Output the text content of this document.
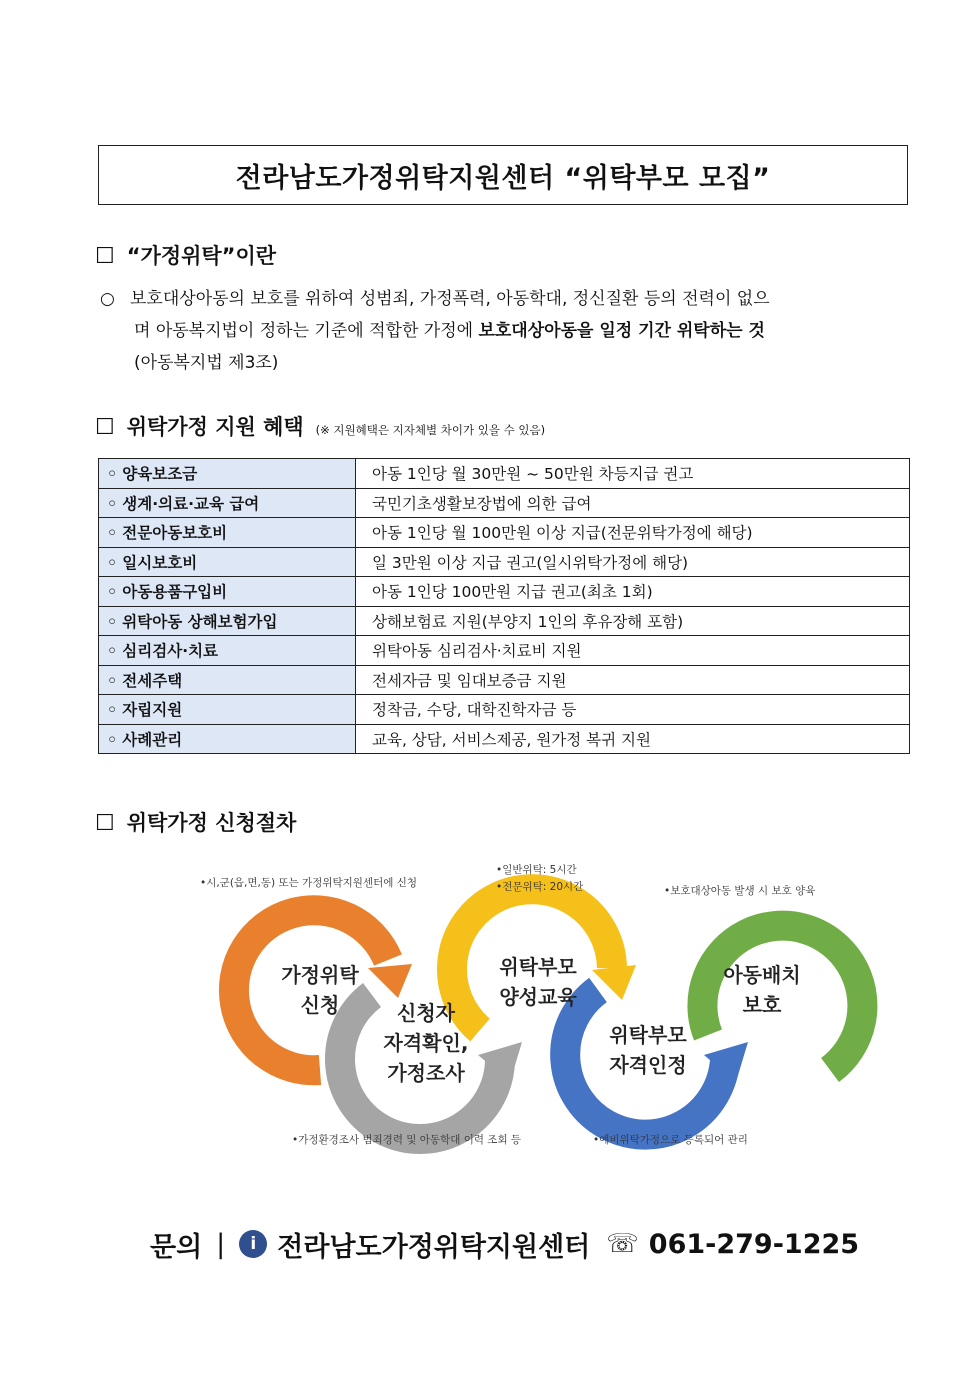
전라남도가정위탁지원센터 “위탁부모 모집”
☐ “가정위탁”이란
○ 보호대상아동의 보호를 위하여 성범죄, 가정폭력, 아동학대, 정신질환 등의 전력이 없으
며 아동복지법이 정하는 기준에 적합한 가정에 보호대상아동을 일정 기간 위탁하는 것
(아동복지법 제3조)
☐ 위탁가정 지원 혜택 (※ 지원혜택은 지자체별 차이가 있을 수 있음)
◦ 양육보조금	아동 1인당 월 30만원 ~ 50만원 차등지급 권고
◦ 생계·의료·교육 급여	국민기초생활보장법에 의한 급여
◦ 전문아동보호비	아동 1인당 월 100만원 이상 지급(전문위탁가정에 해당)
◦ 일시보호비	일 3만원 이상 지급 권고(일시위탁가정에 해당)
◦ 아동용품구입비	아동 1인당 100만원 지급 권고(최초 1회)
◦ 위탁아동 상해보험가입	상해보험료 지원(부양지 1인의 후유장해 포함)
◦ 심리검사·치료	위탁아동 심리검사·치료비 지원
◦ 전세주택	전세자금 및 임대보증금 지원
◦ 자립지원	정착금, 수당, 대학진학자금 등
◦ 사례관리	교육, 상담, 서비스제공, 원가정 복귀 지원
☐ 위탁가정 신청절차
가정위탁
신청	신청자
자격확인,
가정조사
위탁부모
양성교육
위탁부모
자격인정
아동배치
보호
•시,군(읍,면,동) 또는 가정위탁지원센터에 신청
•가정환경조사 범죄경력 및 아동학대 이력 조회 등
•일반위탁: 5시간
•전문위탁: 20시간
•예비위탁가정으로 등록되어 관리
•보호대상아동 발생 시 보호 양육
문의 |	i 전라남도가정위탁지원센터 ☏ 061-279-1225
